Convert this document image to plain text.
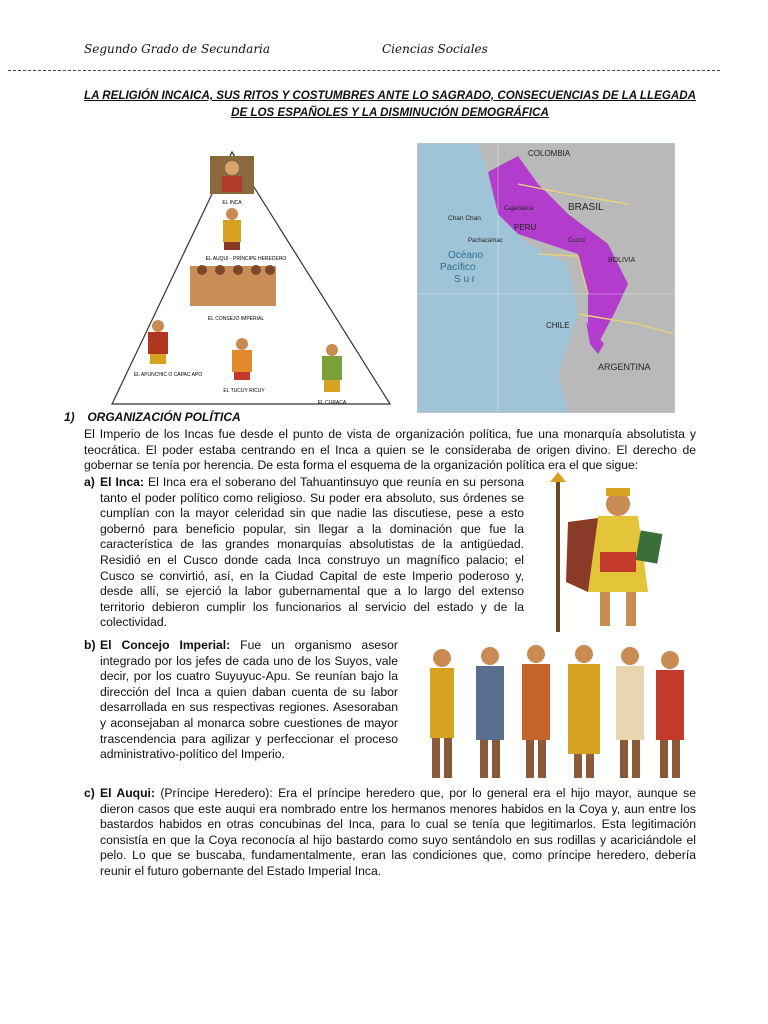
Segundo Grado de Secundaria	Ciencias Sociales
LA RELIGIÓN INCAICA, SUS RITOS Y COSTUMBRES ANTE LO SAGRADO, CONSECUENCIAS DE LA LLEGADA
DE LOS ESPAÑOLES Y LA DISMINUCIÓN DEMOGRÁFICA
EL INCA
EL AUQUI - PRÍNCIPE HEREDERO
EL CONSEJO IMPERIAL
EL APUNCHIC O CÁPAC APO
EL TUCUY RICUY
EL CURACA
COLOMBIA
BRASIL
PERU
BOLIVIA
CHILE
ARGENTINA
Cajamarca
Chan Chan
Pachacámac	Cuzco
Océano
Pacífico
S u r
1) ORGANIZACIÓN POLÍTICA
El Imperio de los Incas fue desde el punto de vista de organización política, fue una monarquía absolutista y teocrática. El poder estaba centrando en el Inca a quien se le consideraba de origen divino. El derecho de gobernar se tenía por herencia. De esta forma el esquema de la organización política era el que sigue:
a) El Inca: El Inca era el soberano del Tahuantinsuyo que reunía en su persona tanto el poder político como religioso. Su poder era absoluto, sus órdenes se cumplían con la mayor celeridad sin que nadie las discutiese, pese a esto gobernó para beneficio popular, sin llegar a la dominación que fue la característica de las grandes monarquías absolutistas de la antigüedad. Residió en el Cusco donde cada Inca construyo un magnífico palacio; el Cusco se convirtió, así, en la Ciudad Capital de este Imperio poderoso y, desde allí, se ejerció la labor gubernamental que a lo largo del extenso territorio debieron cumplir los funcionarios al servicio del estado y de la colectividad.
b) El Concejo Imperial: Fue un organismo asesor integrado por los jefes de cada uno de los Suyos, vale decir, por los cuatro Suyuyuc-Apu. Se reunían bajo la dirección del Inca a quien daban cuenta de su labor desarrollada en sus respectivas regiones. Asesoraban y aconsejaban al monarca sobre cuestiones de mayor trascendencia para agilizar y perfeccionar el proceso administrativo-político del Imperio.
c) El Auqui: (Príncipe Heredero): Era el príncipe heredero que, por lo general era el hijo mayor, aunque se dieron casos que este auqui era nombrado entre los hermanos menores habidos en la Coya y, aun entre los bastardos habidos en otras concubinas del Inca, para lo cual se tenía que legitimarlos. Esta legitimación consistía en que la Coya reconocía al hijo bastardo como suyo sentándolo en sus rodillas y acariciándole el pelo. Lo que se buscaba, fundamentalmente, eran las condiciones que, como príncipe heredero, debería reunir el futuro gobernante del Estado Imperial Inca.
